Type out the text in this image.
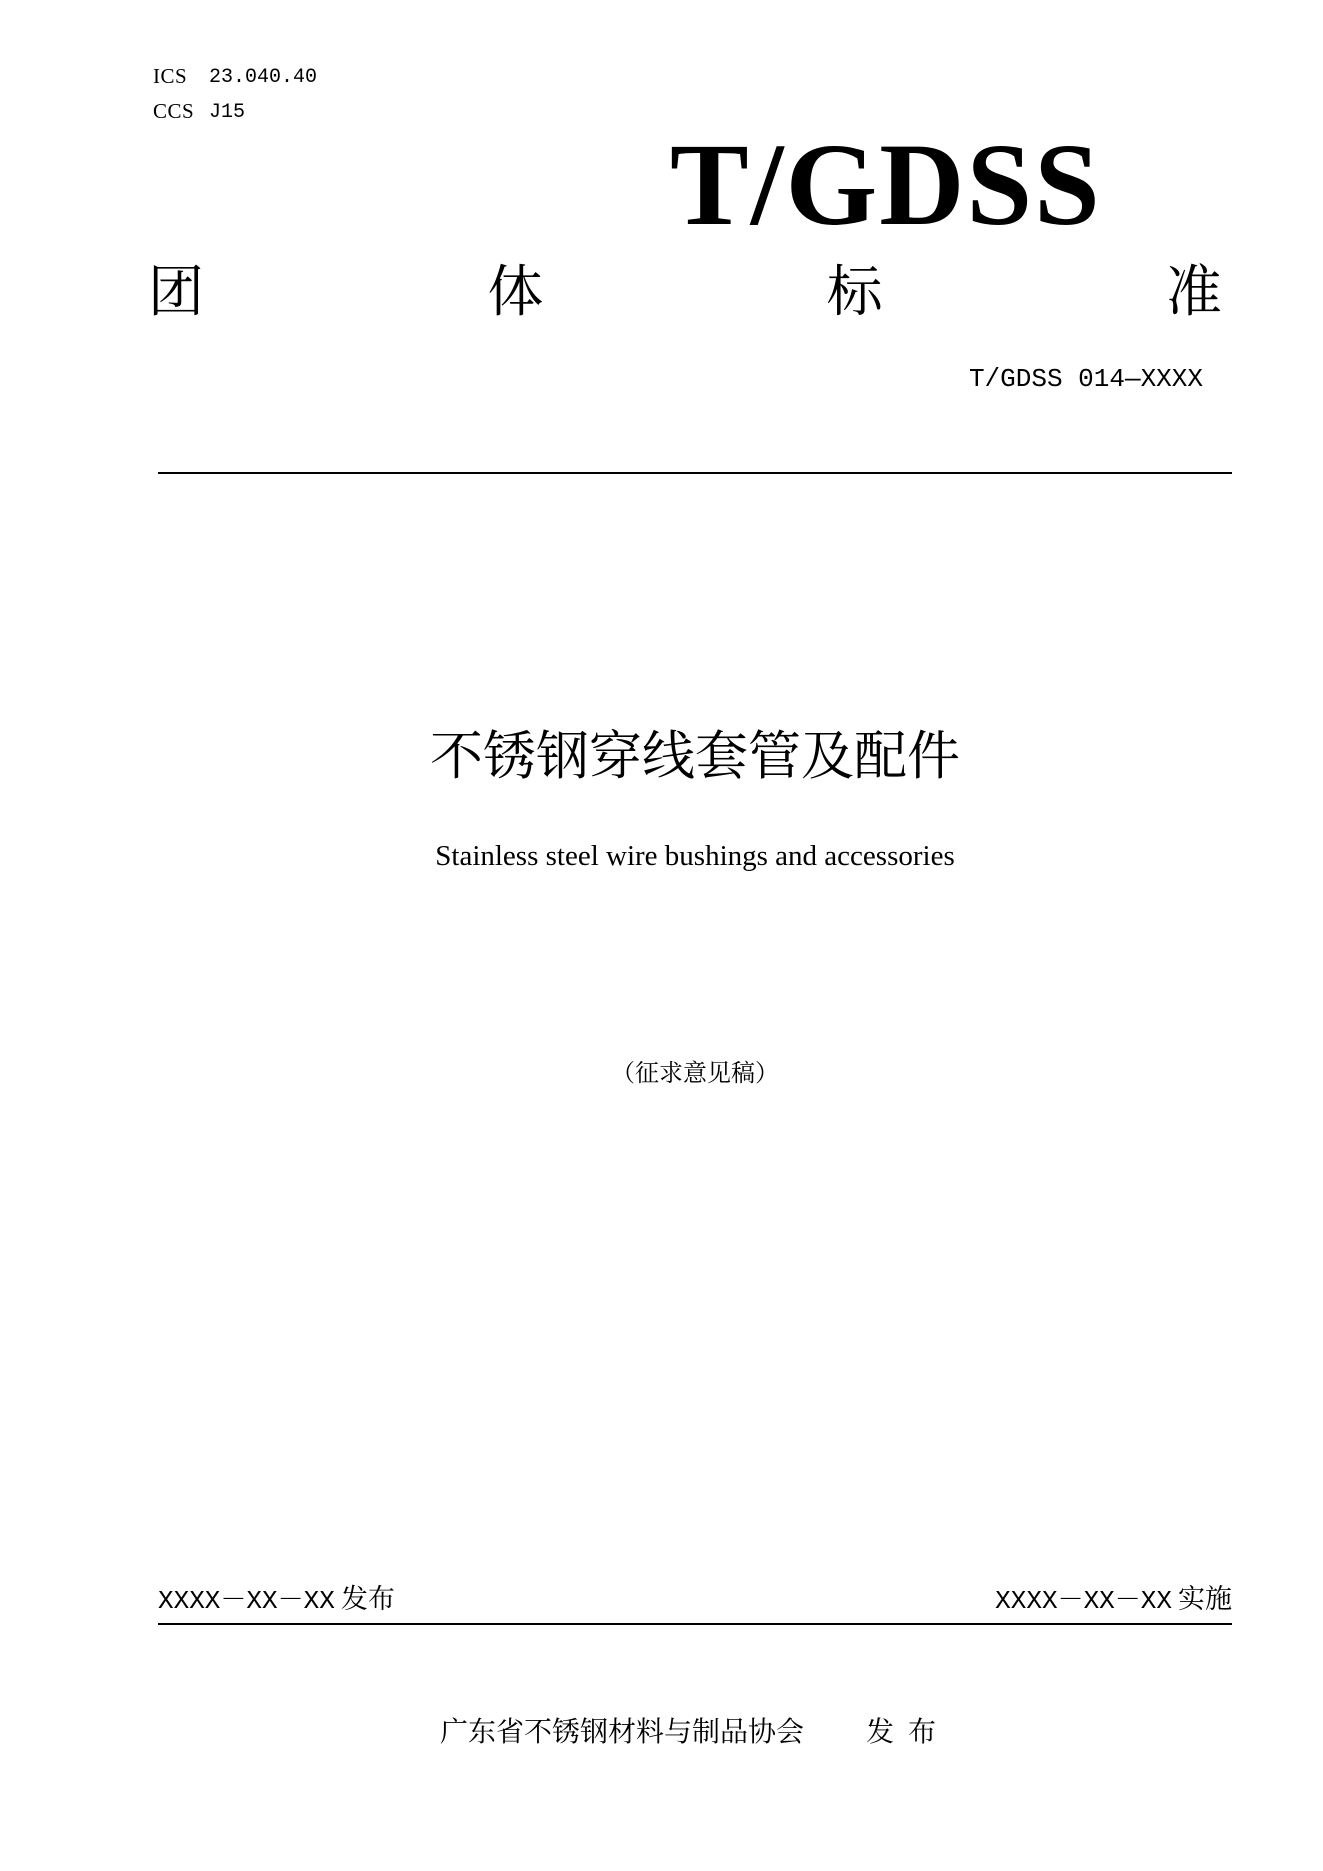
ICS 23.040.40
CCS J15
T/GDSS
团	体	标	准
T/GDSS 014—XXXX
不锈钢穿线套管及配件
Stainless steel wire bushings and accessories
（征求意见稿）
XXXX－XX－XX 发布	XXXX－XX－XX 实施
广东省不锈钢材料与制品协会 发布
